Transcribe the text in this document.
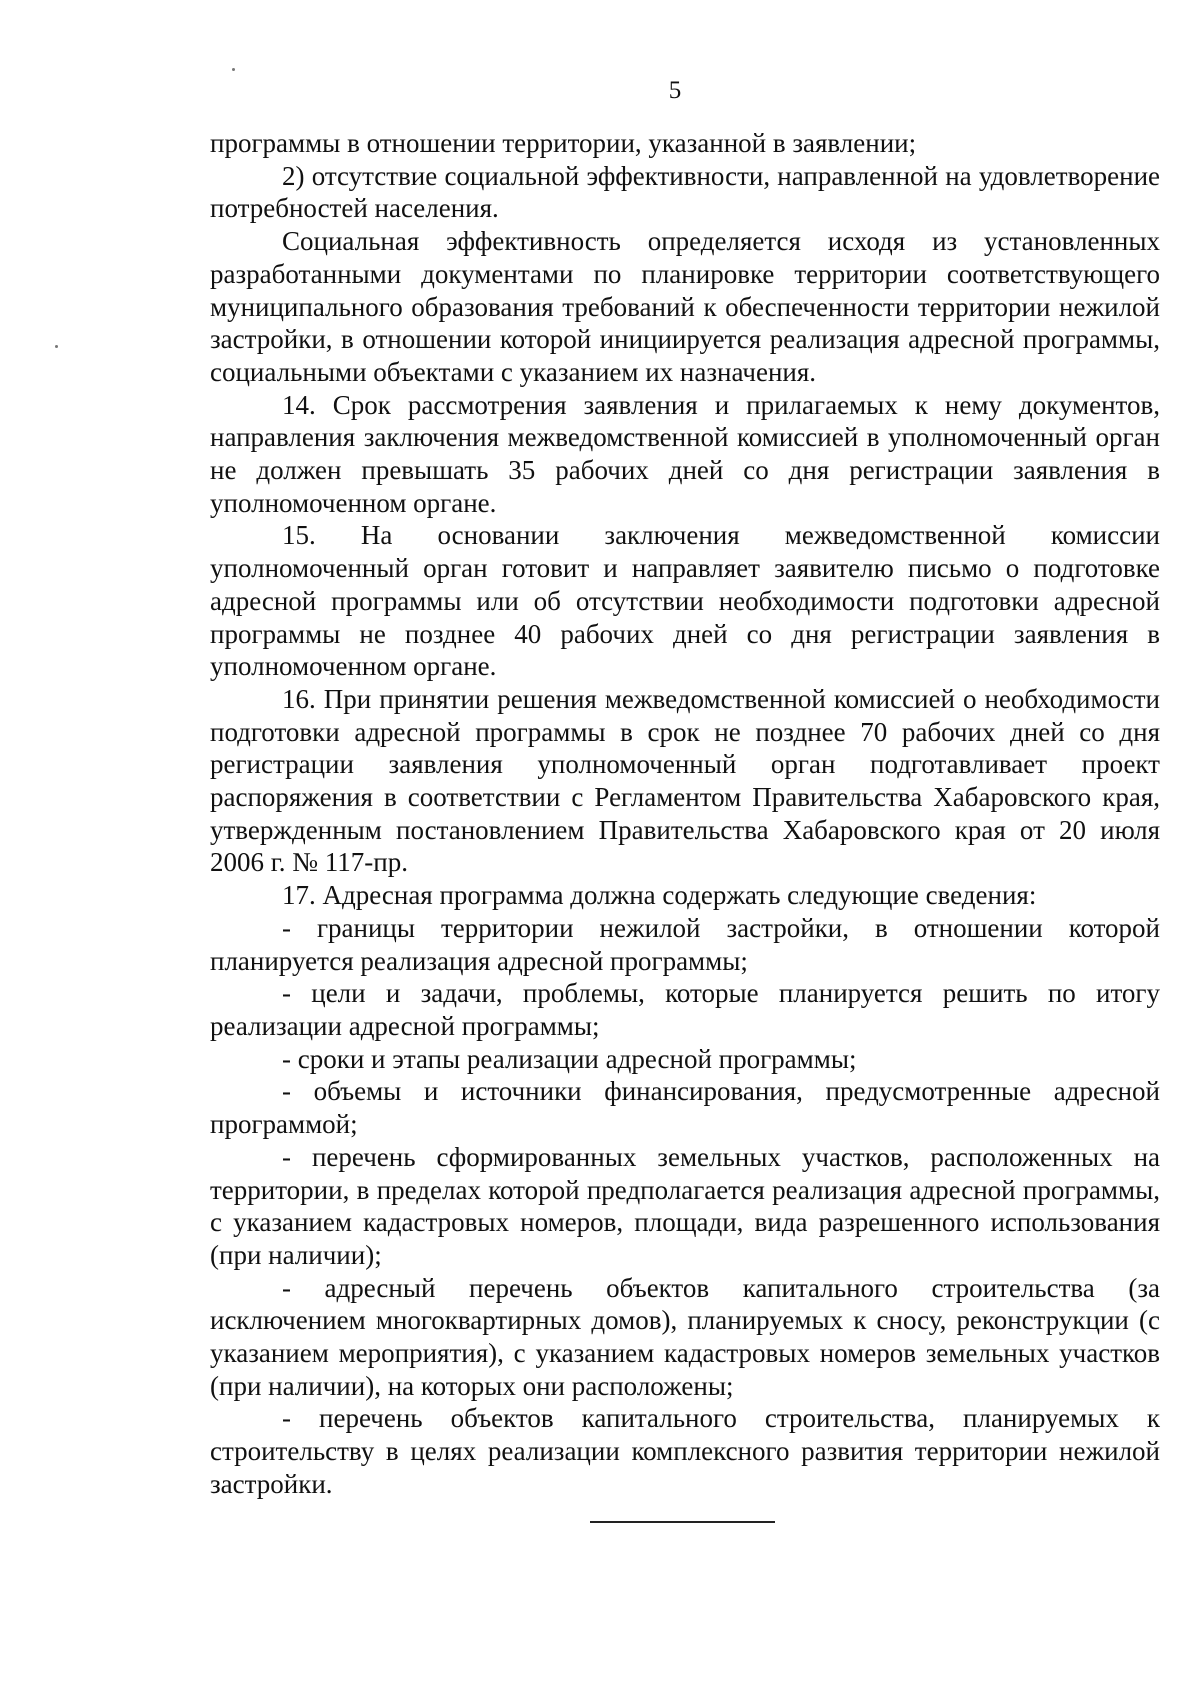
5

программы в отношении территории, указанной в заявлении;

2) отсутствие социальной эффективности, направленной на удовлетворение потребностей населения.

Социальная эффективность определяется исходя из установленных разработанными документами по планировке территории соответствующего муниципального образования требований к обеспеченности территории нежилой застройки, в отношении которой инициируется реализация адресной программы, социальными объектами с указанием их назначения.

14. Срок рассмотрения заявления и прилагаемых к нему документов, направления заключения межведомственной комиссией в уполномоченный орган не должен превышать 35 рабочих дней со дня регистрации заявления в уполномоченном органе.

15. На основании заключения межведомственной комиссии уполномоченный орган готовит и направляет заявителю письмо о подготовке адресной программы или об отсутствии необходимости подготовки адресной программы не позднее 40 рабочих дней со дня регистрации заявления в уполномоченном органе.

16. При принятии решения межведомственной комиссией о необходимости подготовки адресной программы в срок не позднее 70 рабочих дней со дня регистрации заявления уполномоченный орган подготавливает проект распоряжения в соответствии с Регламентом Правительства Хабаровского края, утвержденным постановлением Правительства Хабаровского края от 20 июля 2006 г. № 117-пр.

17. Адресная программа должна содержать следующие сведения:

- границы территории нежилой застройки, в отношении которой планируется реализация адресной программы;

- цели и задачи, проблемы, которые планируется решить по итогу реализации адресной программы;

- сроки и этапы реализации адресной программы;

- объемы и источники финансирования, предусмотренные адресной программой;

- перечень сформированных земельных участков, расположенных на территории, в пределах которой предполагается реализация адресной программы, с указанием кадастровых номеров, площади, вида разрешенного использования (при наличии);

- адресный перечень объектов капитального строительства (за исключением многоквартирных домов), планируемых к сносу, реконструкции (с указанием мероприятия), с указанием кадастровых номеров земельных участков (при наличии), на которых они расположены;

- перечень объектов капитального строительства, планируемых к строительству в целях реализации комплексного развития территории нежилой застройки.
